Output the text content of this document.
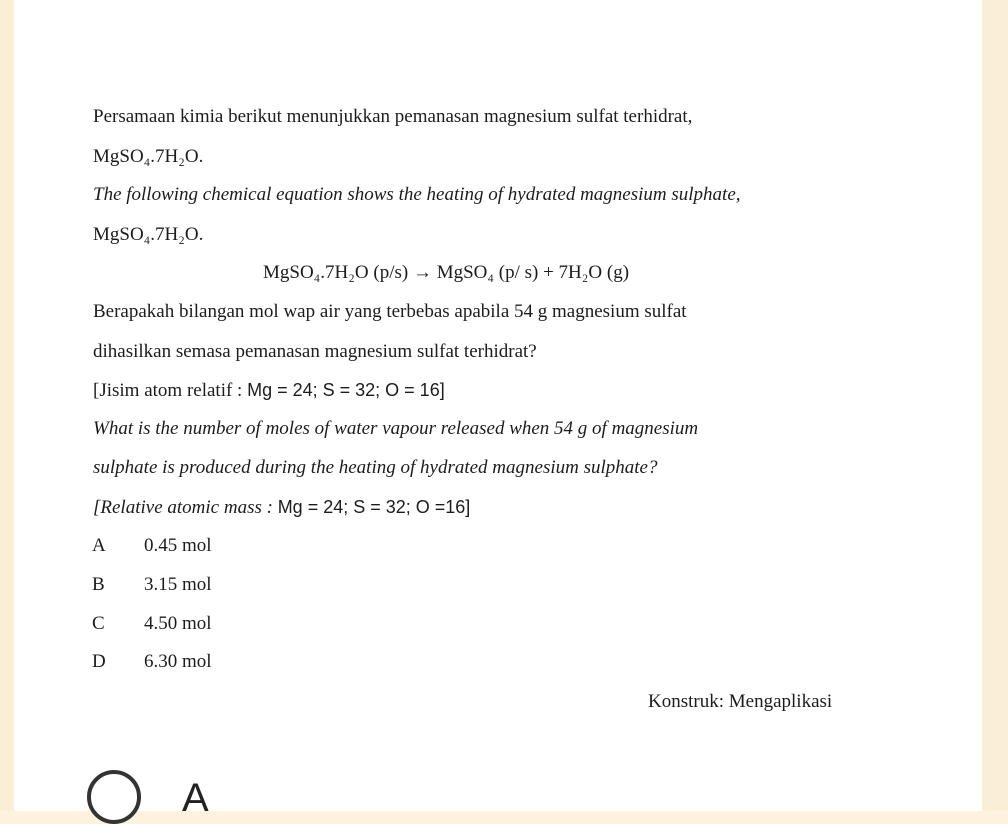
Persamaan kimia berikut menunjukkan pemanasan magnesium sulfat terhidrat,
MgSO₄.7H₂O.
The following chemical equation shows the heating of hydrated magnesium sulphate,
MgSO₄.7H₂O.
MgSO₄.7H₂O (p/s) → MgSO₄ (p/ s) + 7H₂O (g)
Berapakah bilangan mol wap air yang terbebas apabila 54 g magnesium sulfat
dihasilkan semasa pemanasan magnesium sulfat terhidrat?
[Jisim atom relatif : Mg = 24; S = 32; O = 16]
What is the number of moles of water vapour released when 54 g of magnesium
sulphate is produced during the heating of hydrated magnesium sulphate?
[Relative atomic mass : Mg = 24; S = 32; O =16]
A 0.45 mol
B 3.15 mol
C 4.50 mol
D 6.30 mol
Konstruk: Mengaplikasi
A
